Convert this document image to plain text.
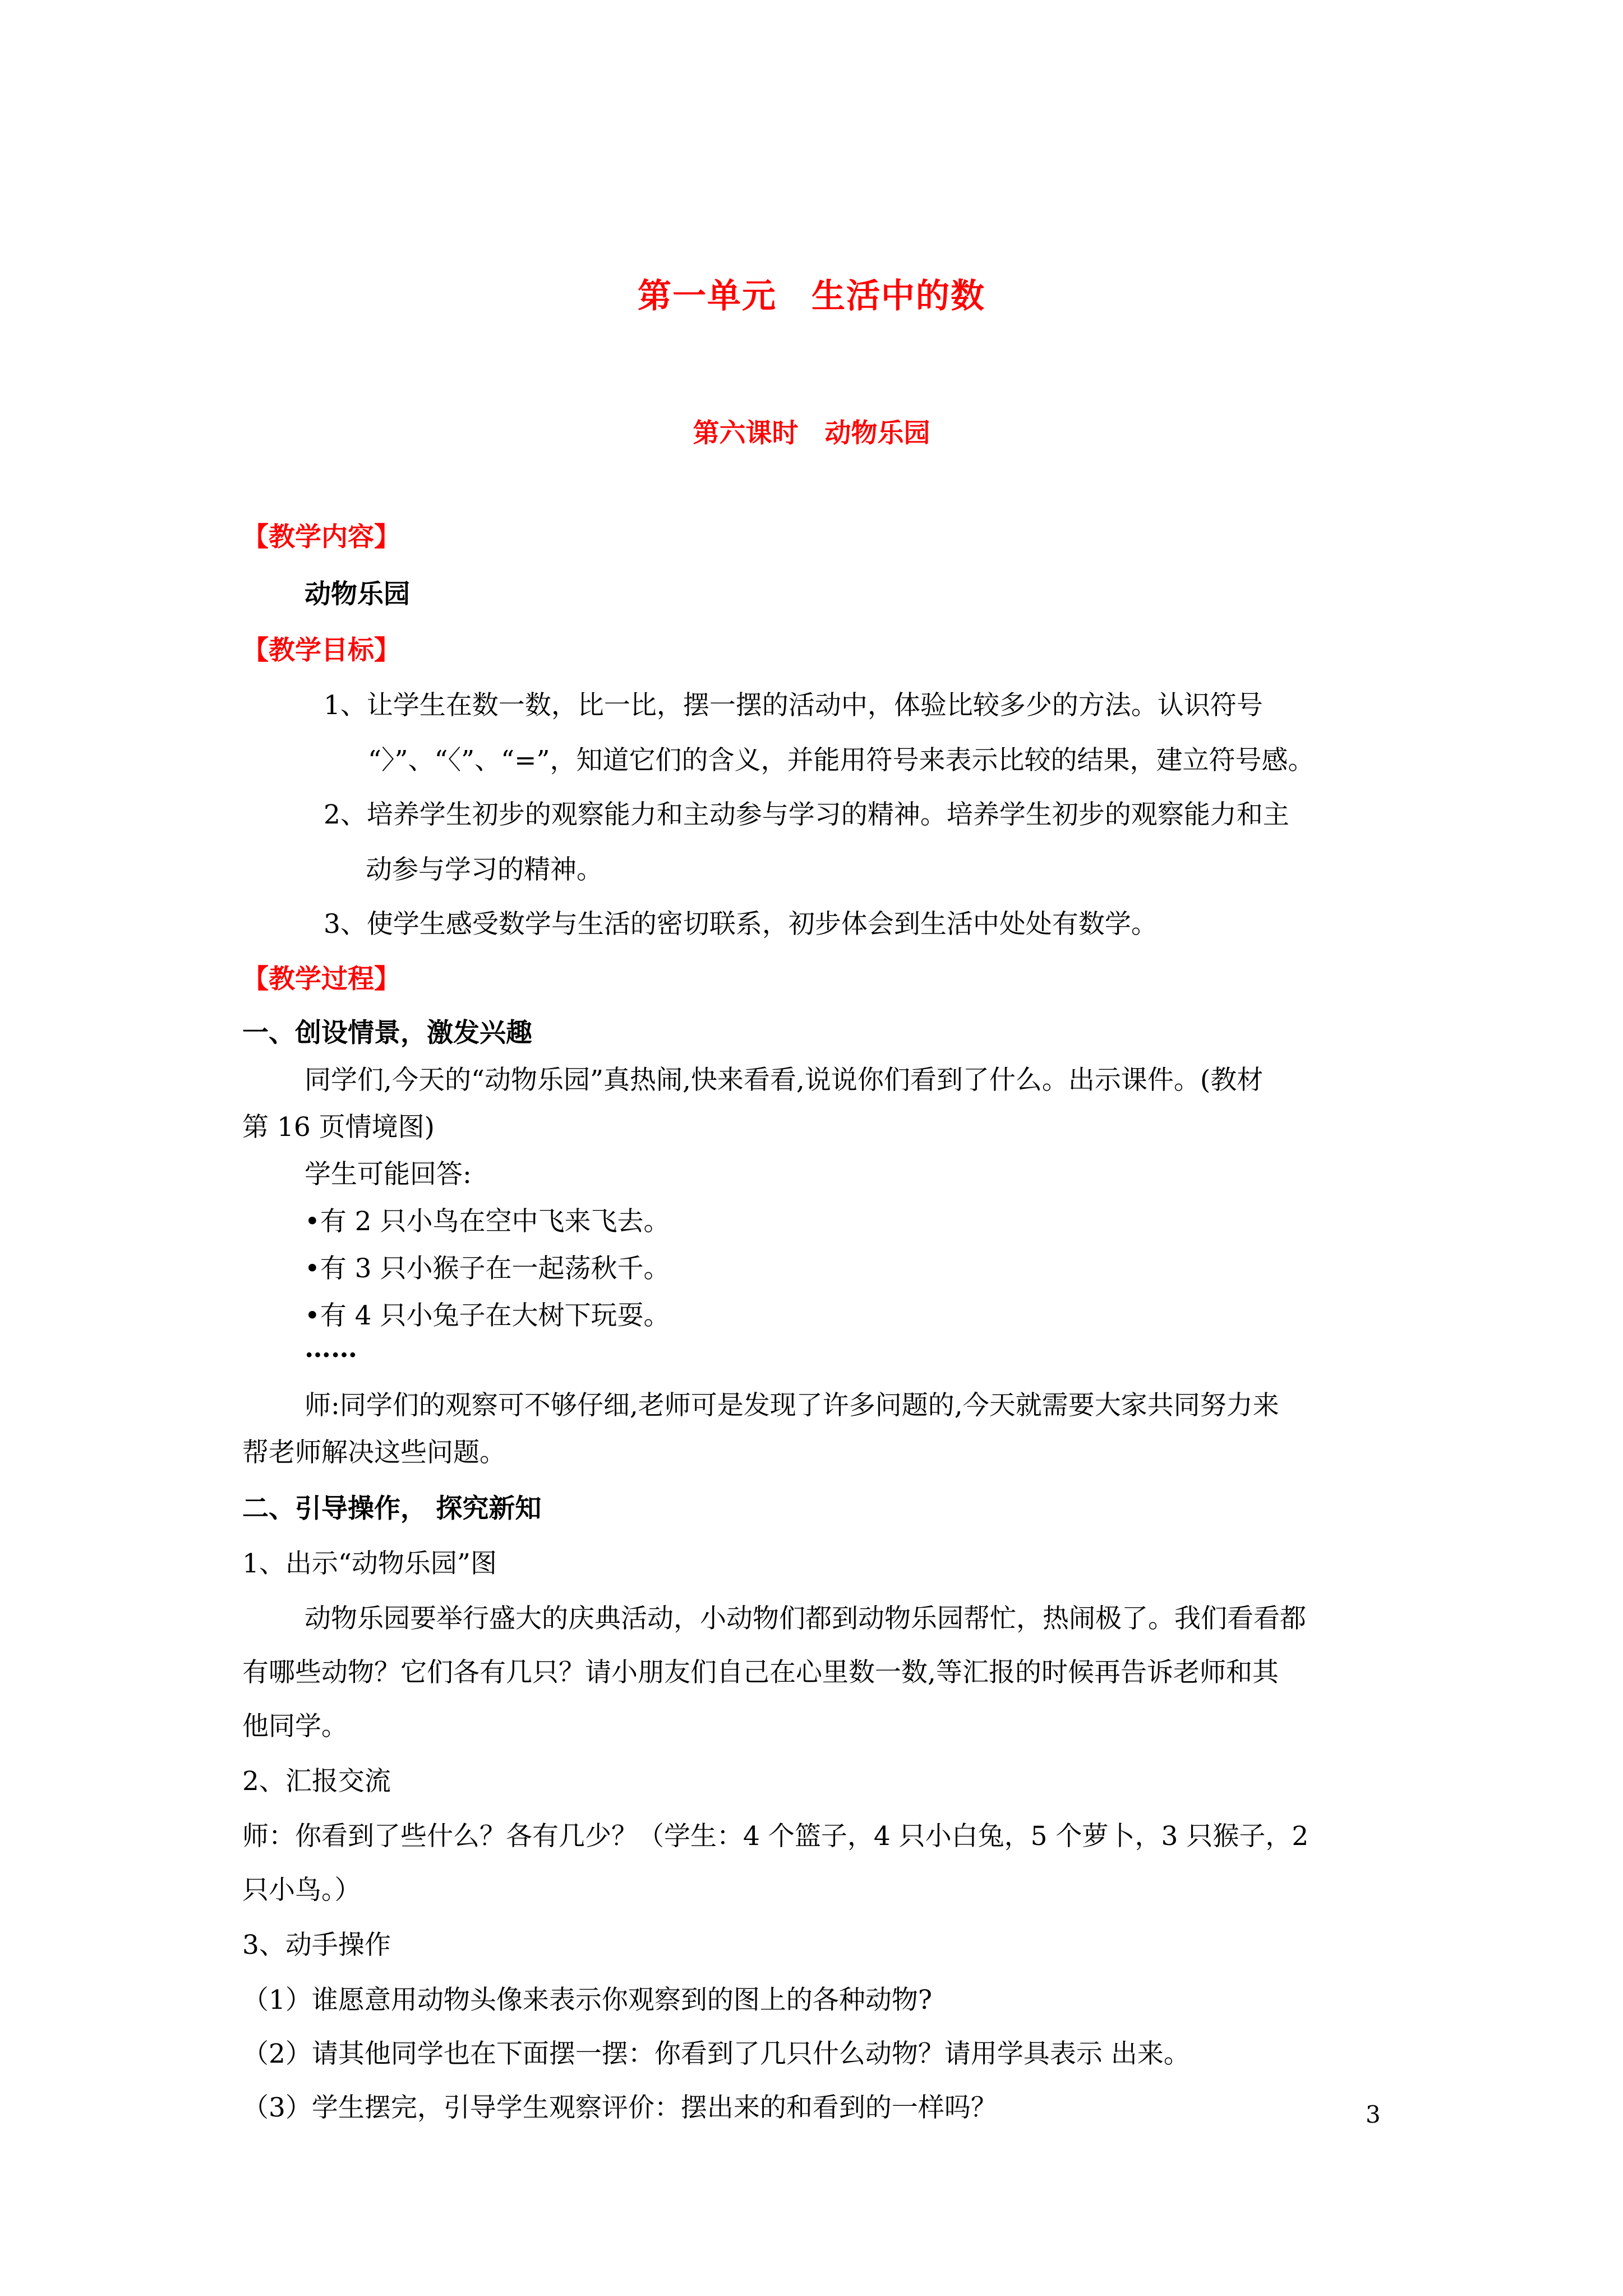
第一单元　生活中的数
第六课时　动物乐园
【教学内容】
动物乐园
【教学目标】
1、让学生在数一数，比一比，摆一摆的活动中，体验比较多少的方法。认识符号
“〉”、“〈”、“=”，知道它们的含义，并能用符号来表示比较的结果，建立符号感。
2、培养学生初步的观察能力和主动参与学习的精神。培养学生初步的观察能力和主
动参与学习的精神。
3、使学生感受数学与生活的密切联系，初步体会到生活中处处有数学。
【教学过程】
一、创设情景，激发兴趣
同学们,今天的“动物乐园”真热闹,快来看看,说说你们看到了什么。出示课件。(教材
第 16 页情境图)
学生可能回答:
•有 2 只小鸟在空中飞来飞去。
•有 3 只小猴子在一起荡秋千。
•有 4 只小兔子在大树下玩耍。
……
师:同学们的观察可不够仔细,老师可是发现了许多问题的,今天就需要大家共同努力来
帮老师解决这些问题。
二、引导操作， 探究新知
1、出示“动物乐园”图
动物乐园要举行盛大的庆典活动，小动物们都到动物乐园帮忙，热闹极了。我们看看都
有哪些动物？它们各有几只？请小朋友们自己在心里数一数,等汇报的时候再告诉老师和其
他同学。
2、汇报交流
师：你看到了些什么？各有几少？（学生：4 个篮子，4 只小白兔，5 个萝卜，3 只猴子，2
只小鸟。）
3、动手操作
（1）谁愿意用动物头像来表示你观察到的图上的各种动物?
（2）请其他同学也在下面摆一摆：你看到了几只什么动物？请用学具表示 出来。
（3）学生摆完，引导学生观察评价：摆出来的和看到的一样吗？	3
